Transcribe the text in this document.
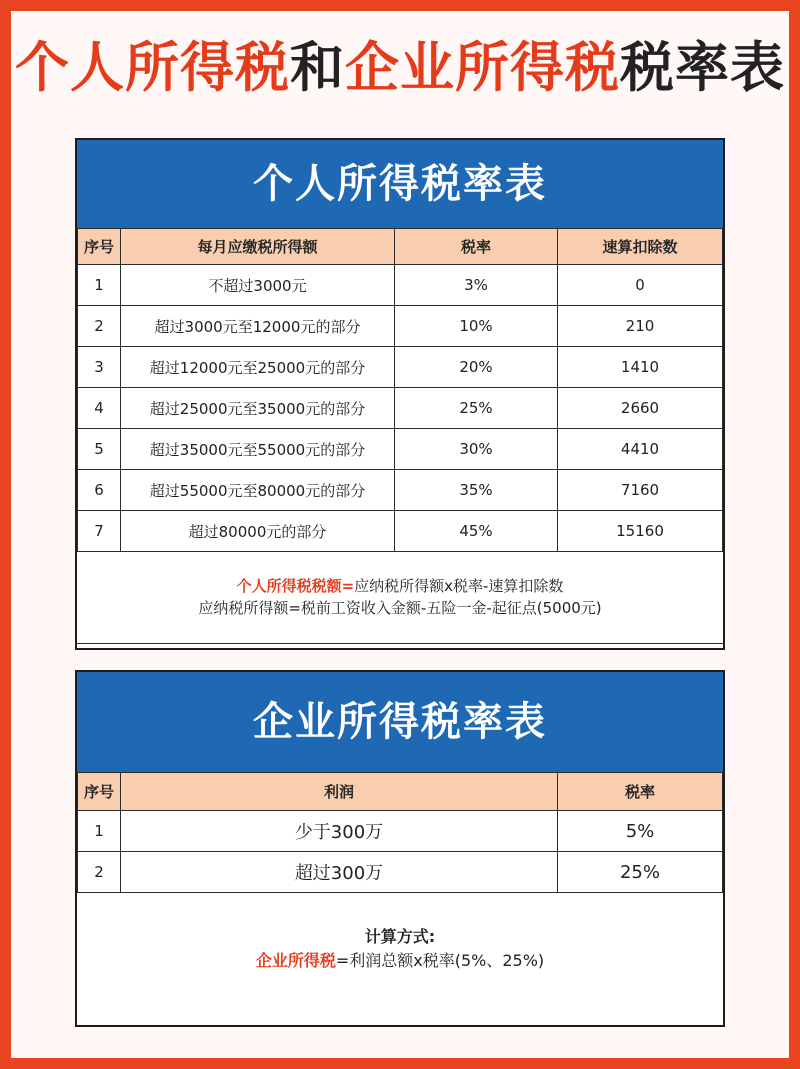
个人所得税和企业所得税税率表
个人所得税率表
序号	每月应缴税所得额	税率	速算扣除数
1	不超过3000元	3%	0
2	超过3000元至12000元的部分	10%	210
3	超过12000元至25000元的部分	20%	1410
4	超过25000元至35000元的部分	25%	2660
5	超过35000元至55000元的部分	30%	4410
6	超过55000元至80000元的部分	35%	7160
7	超过80000元的部分	45%	15160
个人所得税税额=应纳税所得额x税率-速算扣除数
应纳税所得额=税前工资收入金额-五险一金-起征点(5000元)
企业所得税率表
序号	利润	税率
1	少于300万	5%
2	超过300万	25%
计算方式:
企业所得税=利润总额x税率(5%、25%)
